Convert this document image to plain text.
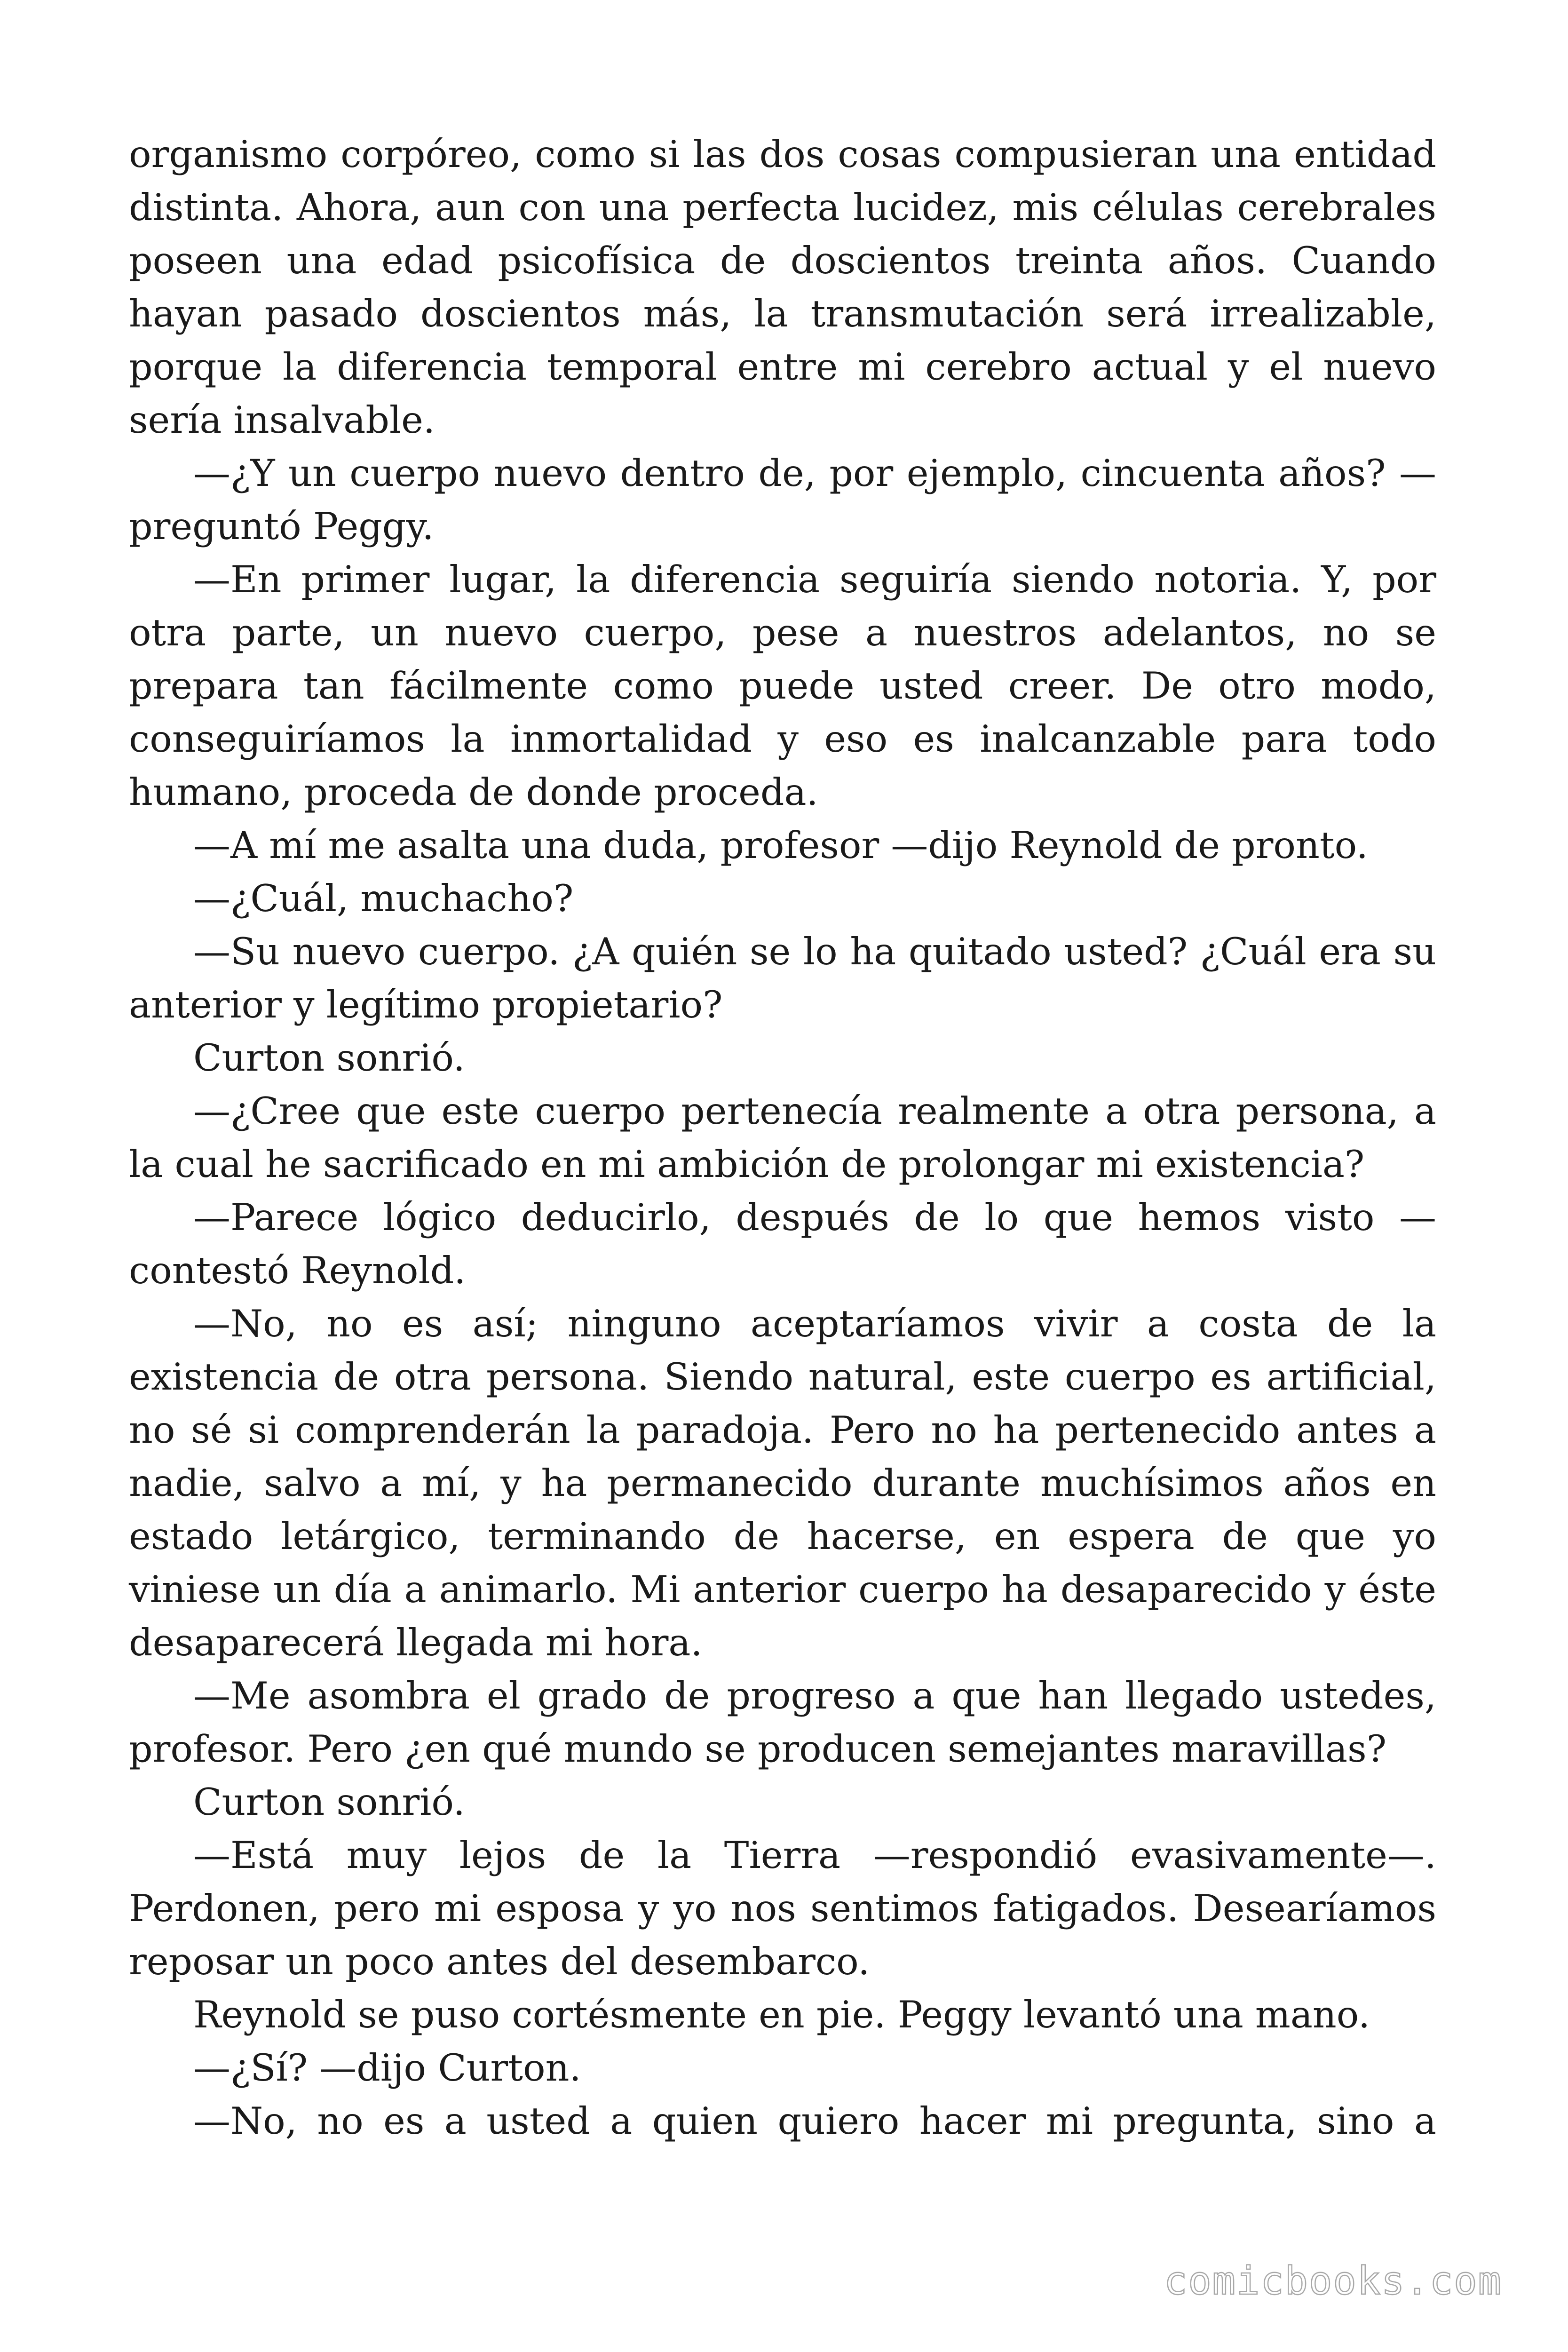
organismo corpóreo, como si las dos cosas compusieran una entidad distinta. Ahora, aun con una perfecta lucidez, mis células cerebrales poseen una edad psicofísica de doscientos treinta años. Cuando hayan pasado doscientos más, la transmutación será irrealizable, porque la diferencia temporal entre mi cerebro actual y el nuevo sería insalvable.

—¿Y un cuerpo nuevo dentro de, por ejemplo, cincuenta años? —preguntó Peggy.

—En primer lugar, la diferencia seguiría siendo notoria. Y, por otra parte, un nuevo cuerpo, pese a nuestros adelantos, no se prepara tan fácilmente como puede usted creer. De otro modo, conseguiríamos la inmortalidad y eso es inalcanzable para todo humano, proceda de donde proceda.

—A mí me asalta una duda, profesor —dijo Reynold de pronto.

—¿Cuál, muchacho?

—Su nuevo cuerpo. ¿A quién se lo ha quitado usted? ¿Cuál era su anterior y legítimo propietario?

Curton sonrió.

—¿Cree que este cuerpo pertenecía realmente a otra persona, a la cual he sacrificado en mi ambición de prolongar mi existencia?

—Parece lógico deducirlo, después de lo que hemos visto — contestó Reynold.

—No, no es así; ninguno aceptaríamos vivir a costa de la existencia de otra persona. Siendo natural, este cuerpo es artificial, no sé si comprenderán la paradoja. Pero no ha pertenecido antes a nadie, salvo a mí, y ha permanecido durante muchísimos años en estado letárgico, terminando de hacerse, en espera de que yo viniese un día a animarlo. Mi anterior cuerpo ha desaparecido y éste desaparecerá llegada mi hora.

—Me asombra el grado de progreso a que han llegado ustedes, profesor. Pero ¿en qué mundo se producen semejantes maravillas?

Curton sonrió.

—Está muy lejos de la Tierra —respondió evasivamente—. Perdonen, pero mi esposa y yo nos sentimos fatigados. Desearíamos reposar un poco antes del desembarco.

Reynold se puso cortésmente en pie. Peggy levantó una mano.

—¿Sí? —dijo Curton.

—No, no es a usted a quien quiero hacer mi pregunta, sino a

comicbooks.com
